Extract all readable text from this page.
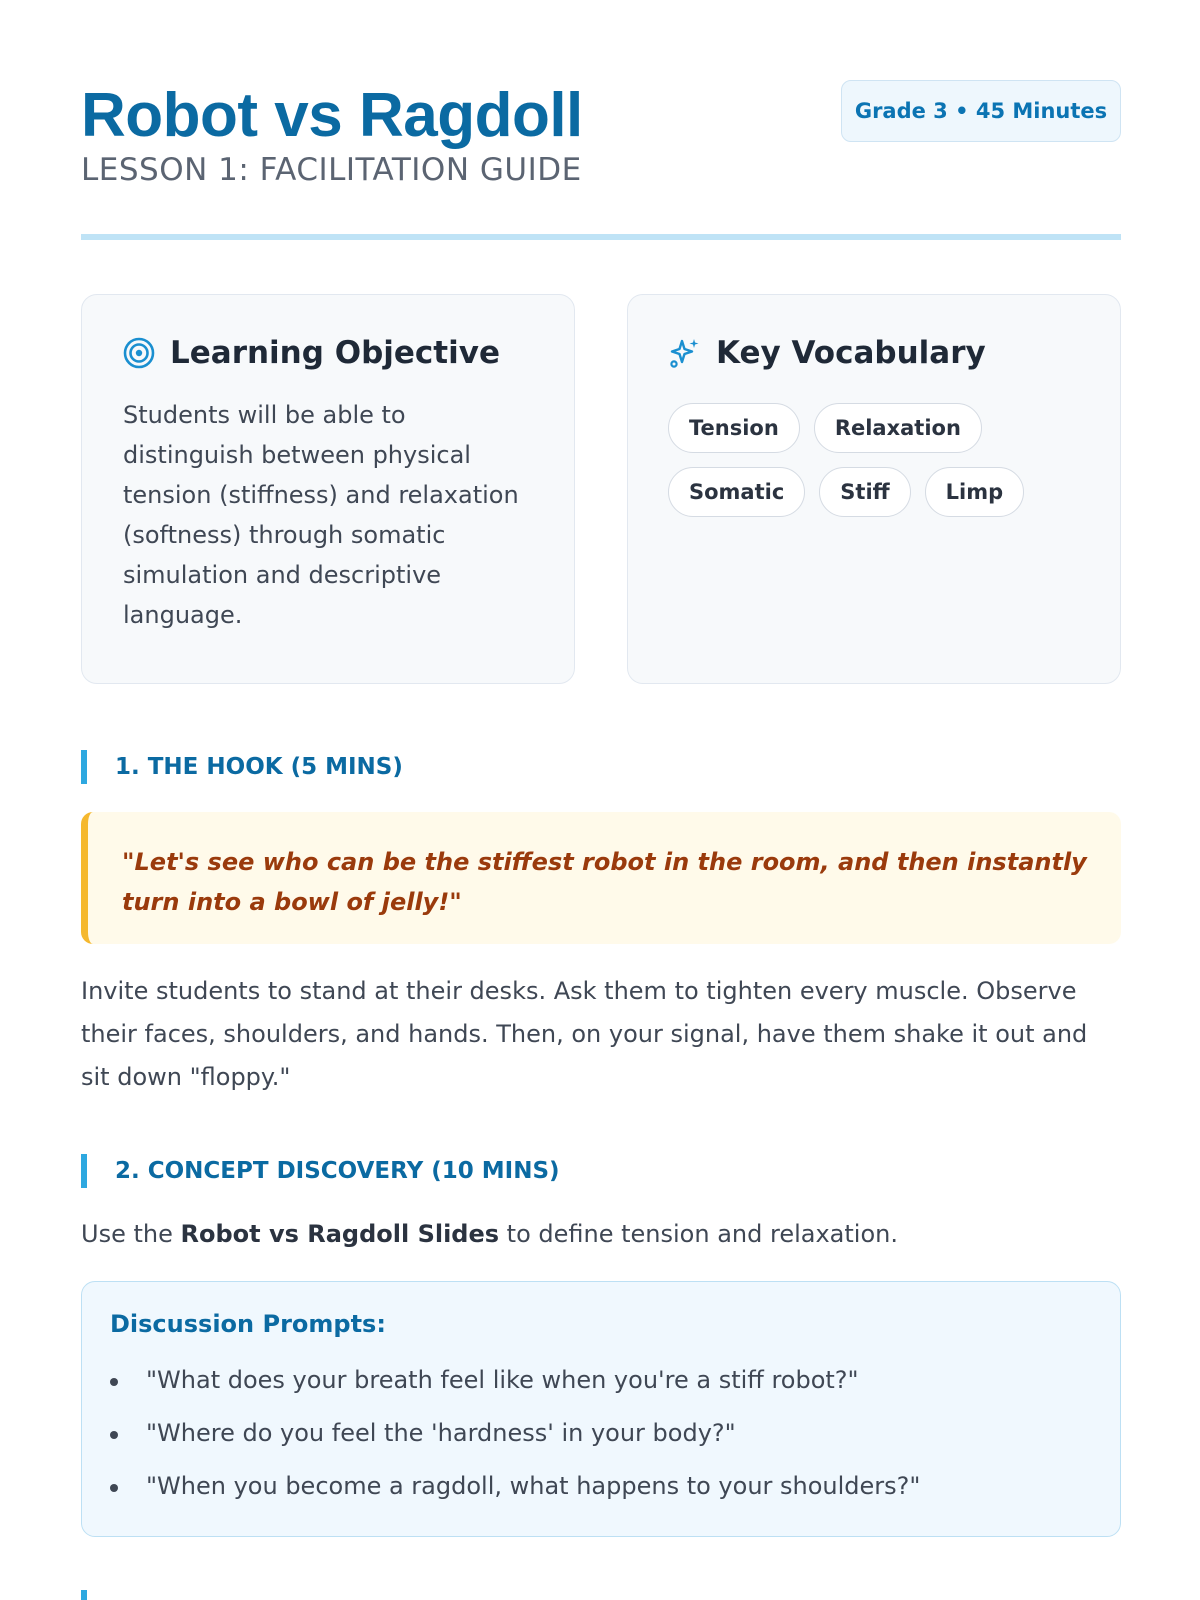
Robot vs Ragdoll
LESSON 1: FACILITATION GUIDE
Grade 3 • 45 Minutes
Learning Objective

Students will be able to distinguish between physical tension (stiffness) and relaxation (softness) through somatic simulation and descriptive language.

Key Vocabulary
Tension	Relaxation
Somatic	Stiff	Limp
1. THE HOOK (5 MINS)
"Let's see who can be the stiffest robot in the room, and then instantly turn into a bowl of jelly!"

Invite students to stand at their desks. Ask them to tighten every muscle. Observe their faces, shoulders, and hands. Then, on your signal, have them shake it out and sit down "floppy."

2. CONCEPT DISCOVERY (10 MINS)

Use the Robot vs Ragdoll Slides to define tension and relaxation.

Discussion Prompts:
"What does your breath feel like when you're a stiff robot?"
"Where do you feel the 'hardness' in your body?"
"When you become a ragdoll, what happens to your shoulders?"
